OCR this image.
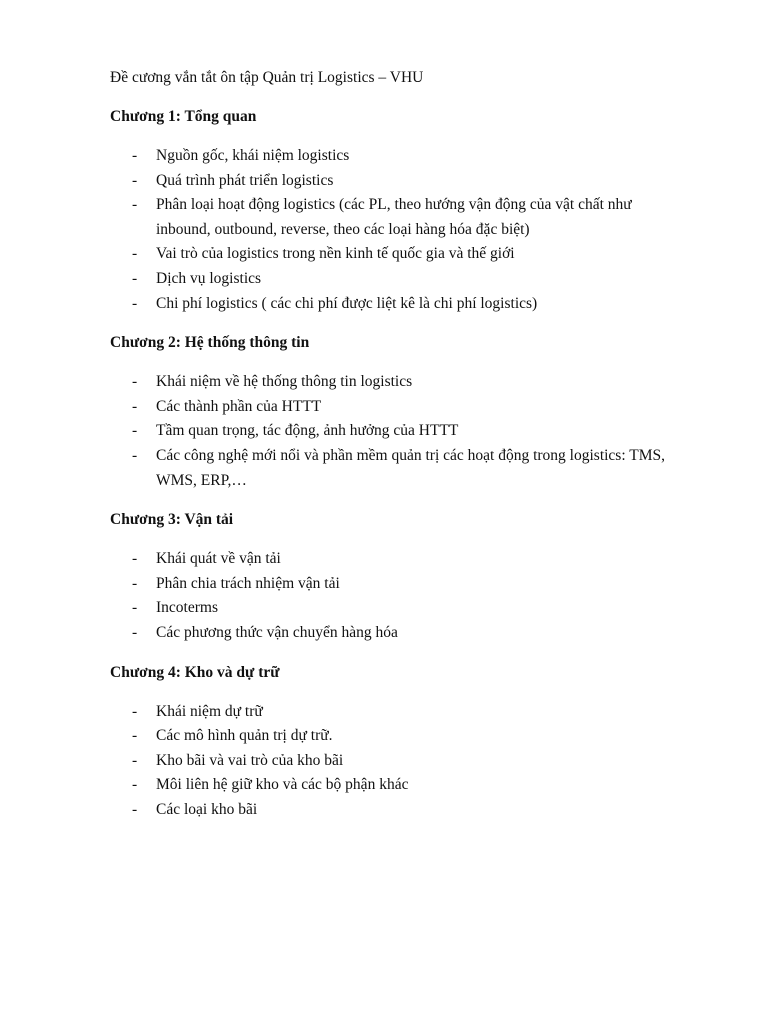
Đề cương vắn tắt ôn tập Quản trị Logistics – VHU

Chương 1: Tổng quan

- Nguồn gốc, khái niệm logistics
- Quá trình phát triển logistics
- Phân loại hoạt động logistics (các PL, theo hướng vận động của vật chất như inbound, outbound, reverse, theo các loại hàng hóa đặc biệt)
- Vai trò của logistics trong nền kinh tế quốc gia và thế giới
- Dịch vụ logistics
- Chi phí logistics ( các chi phí được liệt kê là chi phí logistics)

Chương 2: Hệ thống thông tin

- Khái niệm về hệ thống thông tin logistics
- Các thành phần của HTTT
- Tầm quan trọng, tác động, ảnh hưởng của HTTT
- Các công nghệ mới nổi và phần mềm quản trị các hoạt động trong logistics: TMS, WMS, ERP,…

Chương 3: Vận tải

- Khái quát về vận tải
- Phân chia trách nhiệm vận tải
- Incoterms
- Các phương thức vận chuyển hàng hóa

Chương 4: Kho và dự trữ

- Khái niệm dự trữ
- Các mô hình quản trị dự trữ.
- Kho bãi và vai trò của kho bãi
- Môi liên hệ giữ kho và các bộ phận khác
- Các loại kho bãi
